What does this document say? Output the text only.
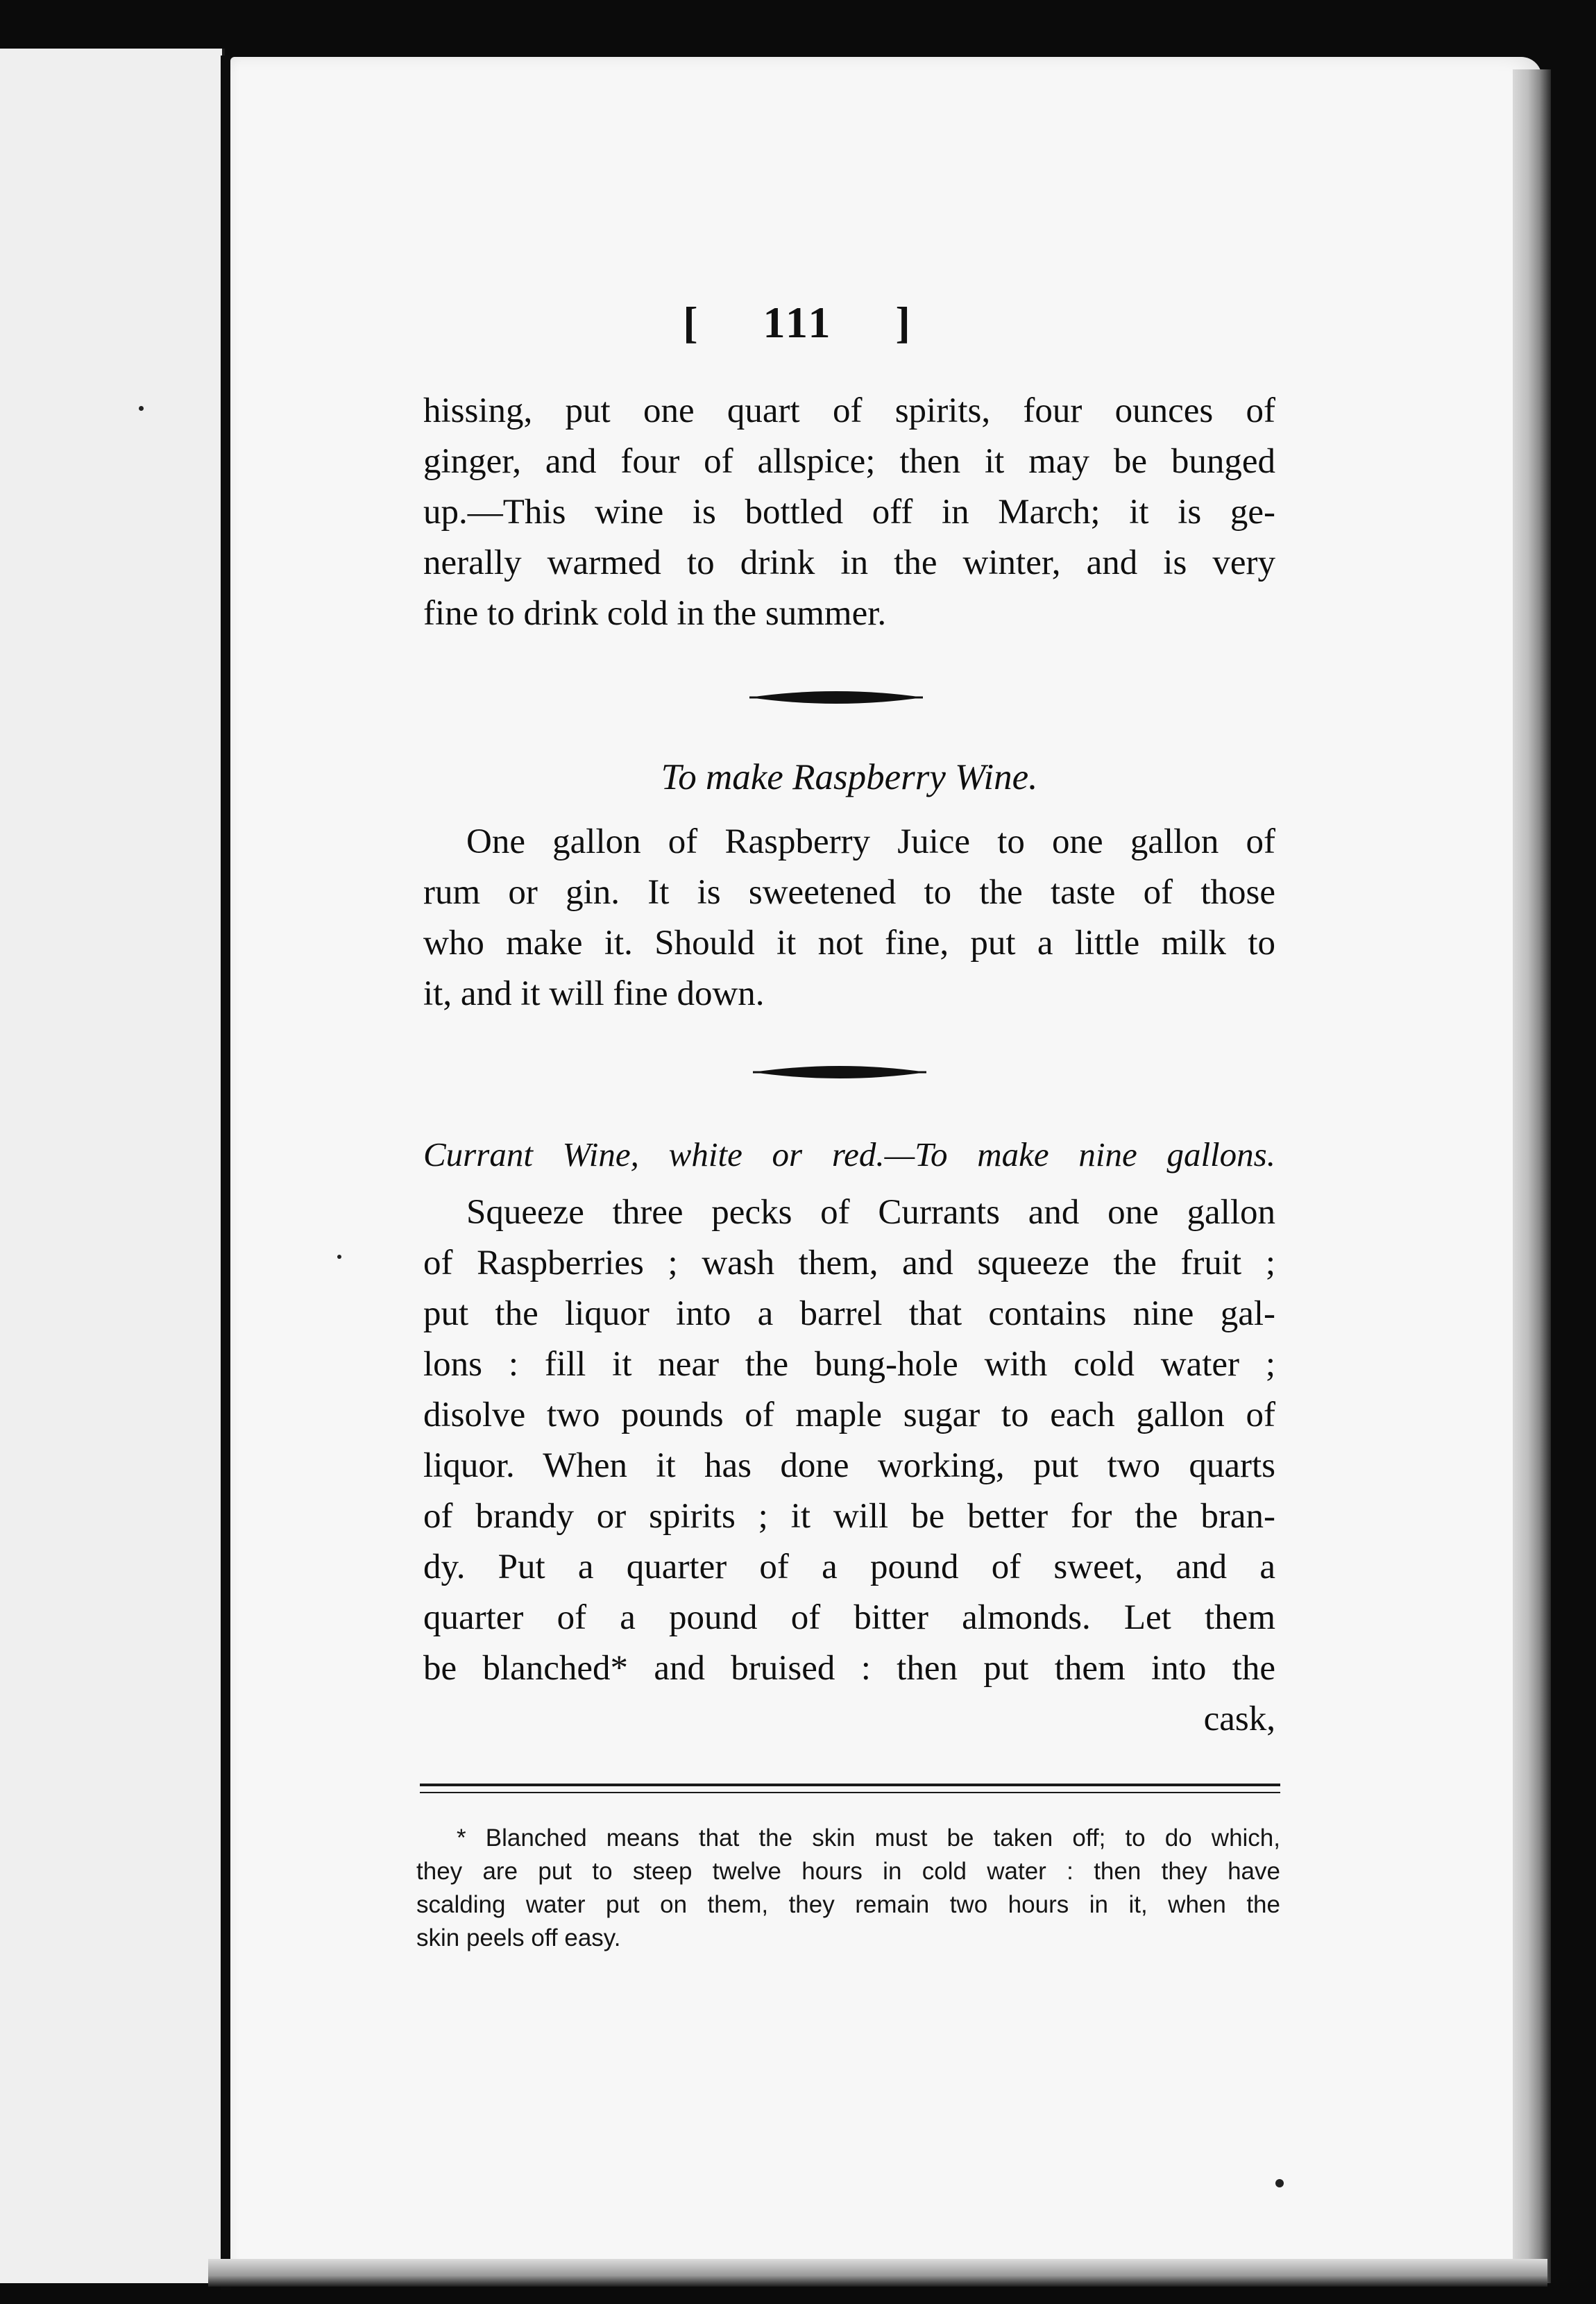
[ 111 ]
hissing, put one quart of spirits, four ounces of
ginger, and four of allspice; then it may be bunged
up.—This wine is bottled off in March; it is ge-
nerally warmed to drink in the winter, and is very
fine to drink cold in the summer.
To make Raspberry Wine.
One gallon of Raspberry Juice to one gallon of
rum or gin. It is sweetened to the taste of those
who make it. Should it not fine, put a little milk to
it, and it will fine down.
Currant Wine, white or red.—To make nine gallons.
Squeeze three pecks of Currants and one gallon
of Raspberries ; wash them, and squeeze the fruit ;
put the liquor into a barrel that contains nine gal-
lons : fill it near the bung-hole with cold water ;
disolve two pounds of maple sugar to each gallon of
liquor. When it has done working, put two quarts
of brandy or spirits ; it will be better for the bran-
dy. Put a quarter of a pound of sweet, and a
quarter of a pound of bitter almonds. Let them
be blanched* and bruised : then put them into the
cask,
* Blanched means that the skin must be taken off; to do which,
they are put to steep twelve hours in cold water : then they have
scalding water put on them, they remain two hours in it, when the
skin peels off easy.
